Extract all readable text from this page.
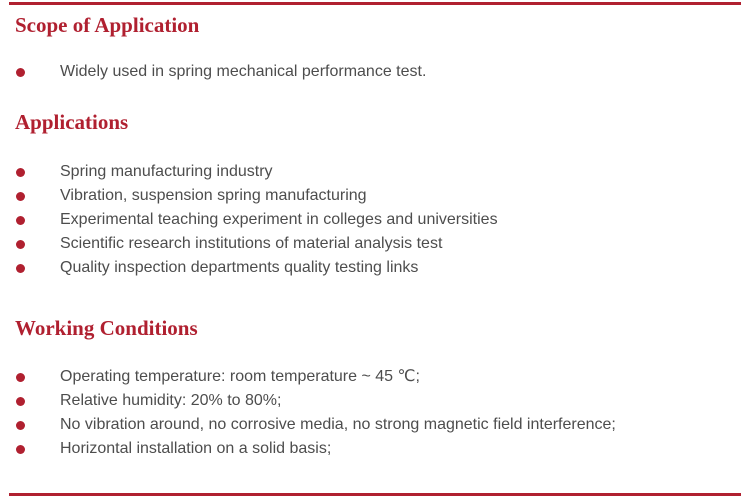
Scope of Application
Widely used in spring mechanical performance test.
Applications
Spring manufacturing industry
Vibration, suspension spring manufacturing
Experimental teaching experiment in colleges and universities
Scientific research institutions of material analysis test
Quality inspection departments quality testing links
Working Conditions
Operating temperature: room temperature ~ 45 ℃;
Relative humidity: 20% to 80%;
No vibration around, no corrosive media, no strong magnetic field interference;
Horizontal installation on a solid basis;
